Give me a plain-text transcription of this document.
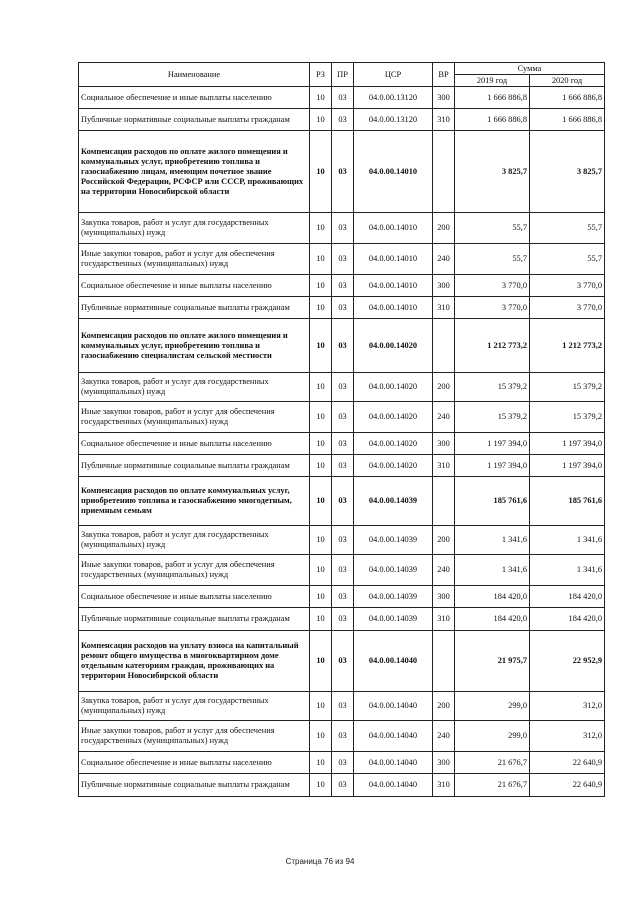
Наименование	РЗ	ПР	ЦСР	ВР	Сумма	
					2019 год	2020 год
Социальное обеспечение и иные выплаты населению	10	03	04.0.00.13120	300	1 666 886,8	1 666 886,8
Публичные нормативные социальные выплаты гражданам	10	03	04.0.00.13120	310	1 666 886,8	1 666 886,8
Компенсация расходов по оплате жилого помещения и коммунальных услуг, приобретению топлива и газоснабжению лицам, имеющим почетное звание Российской Федерации, РСФСР или СССР, проживающих на территории Новосибирской области	10	03	04.0.00.14010		3 825,7	3 825,7
Закупка товаров, работ и услуг для государственных (муниципальных) нужд	10	03	04.0.00.14010	200	55,7	55,7
Иные закупки товаров, работ и услуг для обеспечения государственных (муниципальных) нужд	10	03	04.0.00.14010	240	55,7	55,7
Социальное обеспечение и иные выплаты населению	10	03	04.0.00.14010	300	3 770,0	3 770,0
Публичные нормативные социальные выплаты гражданам	10	03	04.0.00.14010	310	3 770,0	3 770,0
Компенсация расходов по оплате жилого помещения и коммунальных услуг, приобретению топлива и газоснабжению специалистам сельской местности	10	03	04.0.00.14020		1 212 773,2	1 212 773,2
Закупка товаров, работ и услуг для государственных (муниципальных) нужд	10	03	04.0.00.14020	200	15 379,2	15 379,2
Иные закупки товаров, работ и услуг для обеспечения государственных (муниципальных) нужд	10	03	04.0.00.14020	240	15 379,2	15 379,2
Социальное обеспечение и иные выплаты населению	10	03	04.0.00.14020	300	1 197 394,0	1 197 394,0
Публичные нормативные социальные выплаты гражданам	10	03	04.0.00.14020	310	1 197 394,0	1 197 394,0
Компенсация расходов по оплате коммунальных услуг, приобретению топлива и газоснабжению многодетным, приемным семьям	10	03	04.0.00.14039		185 761,6	185 761,6
Закупка товаров, работ и услуг для государственных (муниципальных) нужд	10	03	04.0.00.14039	200	1 341,6	1 341,6
Иные закупки товаров, работ и услуг для обеспечения государственных (муниципальных) нужд	10	03	04.0.00.14039	240	1 341,6	1 341,6
Социальное обеспечение и иные выплаты населению	10	03	04.0.00.14039	300	184 420,0	184 420,0
Публичные нормативные социальные выплаты гражданам	10	03	04.0.00.14039	310	184 420,0	184 420,0
Компенсация расходов на уплату взноса на капитальный ремонт общего имущества в многоквартирном доме отдельным категориям граждан, проживающих на территории Новосибирской области	10	03	04.0.00.14040		21 975,7	22 952,9
Закупка товаров, работ и услуг для государственных (муниципальных) нужд	10	03	04.0.00.14040	200	299,0	312,0
Иные закупки товаров, работ и услуг для обеспечения государственных (муниципальных) нужд	10	03	04.0.00.14040	240	299,0	312,0
Социальное обеспечение и иные выплаты населению	10	03	04.0.00.14040	300	21 676,7	22 640,9
Публичные нормативные социальные выплаты гражданам	10	03	04.0.00.14040	310	21 676,7	22 640,9
Страница 76 из 94
